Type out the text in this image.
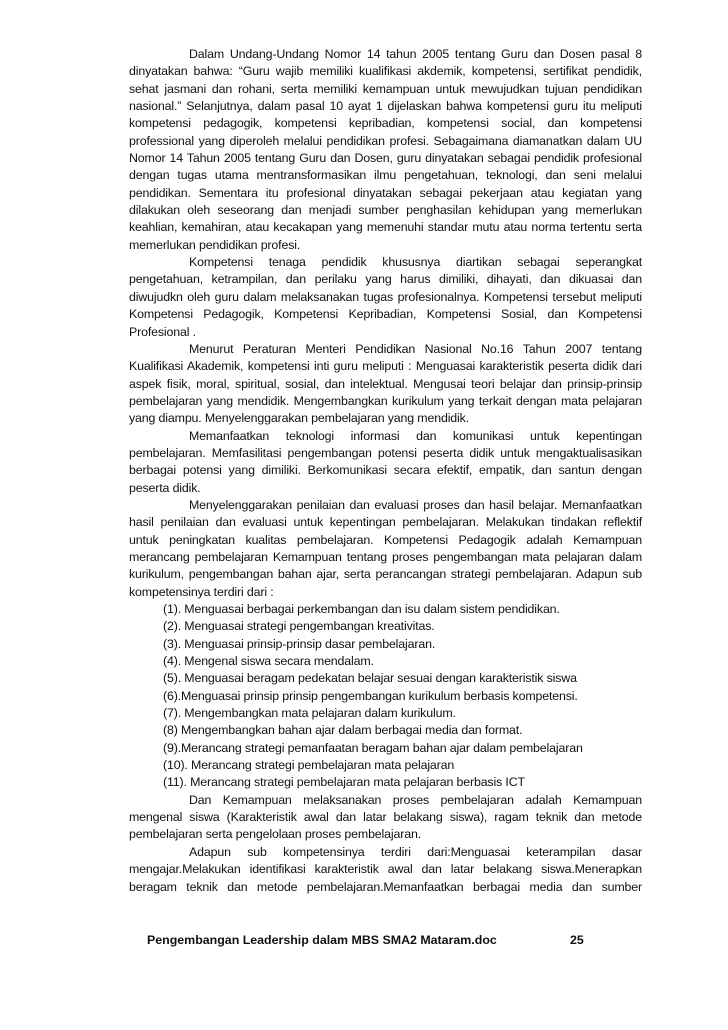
Dalam Undang-Undang Nomor 14 tahun 2005 tentang Guru dan Dosen pasal 8 dinyatakan bahwa: “Guru wajib memiliki kualifikasi akdemik, kompetensi, sertifikat pendidik, sehat jasmani dan rohani, serta memiliki kemampuan untuk mewujudkan tujuan pendidikan nasional.” Selanjutnya, dalam pasal 10 ayat 1 dijelaskan bahwa kompetensi guru itu meliputi kompetensi pedagogik, kompetensi kepribadian, kompetensi social, dan kompetensi professional yang diperoleh melalui pendidikan profesi. Sebagaimana diamanatkan dalam UU Nomor 14 Tahun 2005 tentang Guru dan Dosen, guru dinyatakan sebagai pendidik profesional dengan tugas utama mentransformasikan ilmu pengetahuan, teknologi, dan seni melalui pendidikan. Sementara itu profesional dinyatakan sebagai pekerjaan atau kegiatan yang dilakukan oleh seseorang dan menjadi sumber penghasilan kehidupan yang memerlukan keahlian, kemahiran, atau kecakapan yang memenuhi standar mutu atau norma tertentu serta memerlukan pendidikan profesi.

Kompetensi tenaga pendidik khususnya diartikan sebagai seperangkat pengetahuan, ketrampilan, dan perilaku yang harus dimiliki, dihayati, dan dikuasai dan diwujudkn oleh guru dalam melaksanakan tugas profesionalnya. Kompetensi tersebut meliputi Kompetensi Pedagogik, Kompetensi Kepribadian, Kompetensi Sosial, dan Kompetensi Profesional .

Menurut Peraturan Menteri Pendidikan Nasional No.16 Tahun 2007 tentang Kualifikasi Akademik, kompetensi inti guru meliputi : Menguasai karakteristik peserta didik dari aspek fisik, moral, spiritual, sosial, dan intelektual. Mengusai teori belajar dan prinsip-prinsip pembelajaran yang mendidik. Mengembangkan kurikulum yang terkait dengan mata pelajaran yang diampu. Menyelenggarakan pembelajaran yang mendidik.

Memanfaatkan teknologi informasi dan komunikasi untuk kepentingan pembelajaran. Memfasilitasi pengembangan potensi peserta didik untuk mengaktualisasikan berbagai potensi yang dimiliki. Berkomunikasi secara efektif, empatik, dan santun dengan peserta didik.

Menyelenggarakan penilaian dan evaluasi proses dan hasil belajar. Memanfaatkan hasil penilaian dan evaluasi untuk kepentingan pembelajaran. Melakukan tindakan reflektif untuk peningkatan kualitas pembelajaran. Kompetensi Pedagogik adalah Kemampuan merancang pembelajaran Kemampuan tentang proses pengembangan mata pelajaran dalam kurikulum, pengembangan bahan ajar, serta perancangan strategi pembelajaran. Adapun sub kompetensinya terdiri dari :

(1). Menguasai berbagai perkembangan dan isu dalam sistem pendidikan.
(2). Menguasai strategi pengembangan kreativitas.
(3). Menguasai prinsip-prinsip dasar pembelajaran.
(4). Mengenal siswa secara mendalam.
(5). Menguasai beragam pedekatan belajar sesuai dengan karakteristik siswa
(6).Menguasai prinsip prinsip pengembangan kurikulum berbasis kompetensi.
(7). Mengembangkan mata pelajaran dalam kurikulum.
(8) Mengembangkan bahan ajar dalam berbagai media dan format.
(9).Merancang strategi pemanfaatan beragam bahan ajar dalam pembelajaran
(10). Merancang strategi pembelajaran mata pelajaran
(11). Merancang strategi pembelajaran mata pelajaran berbasis ICT

Dan Kemampuan melaksanakan proses pembelajaran adalah Kemampuan mengenal siswa (Karakteristik awal dan latar belakang siswa), ragam teknik dan metode pembelajaran serta pengelolaan proses pembelajaran.

Adapun sub kompetensinya terdiri dari:Menguasai keterampilan dasar mengajar.Melakukan identifikasi karakteristik awal dan latar belakang siswa.Menerapkan beragam teknik dan metode pembelajaran.Memanfaatkan berbagai media dan sumber

Pengembangan Leadership dalam MBS SMA2 Mataram.doc	25
